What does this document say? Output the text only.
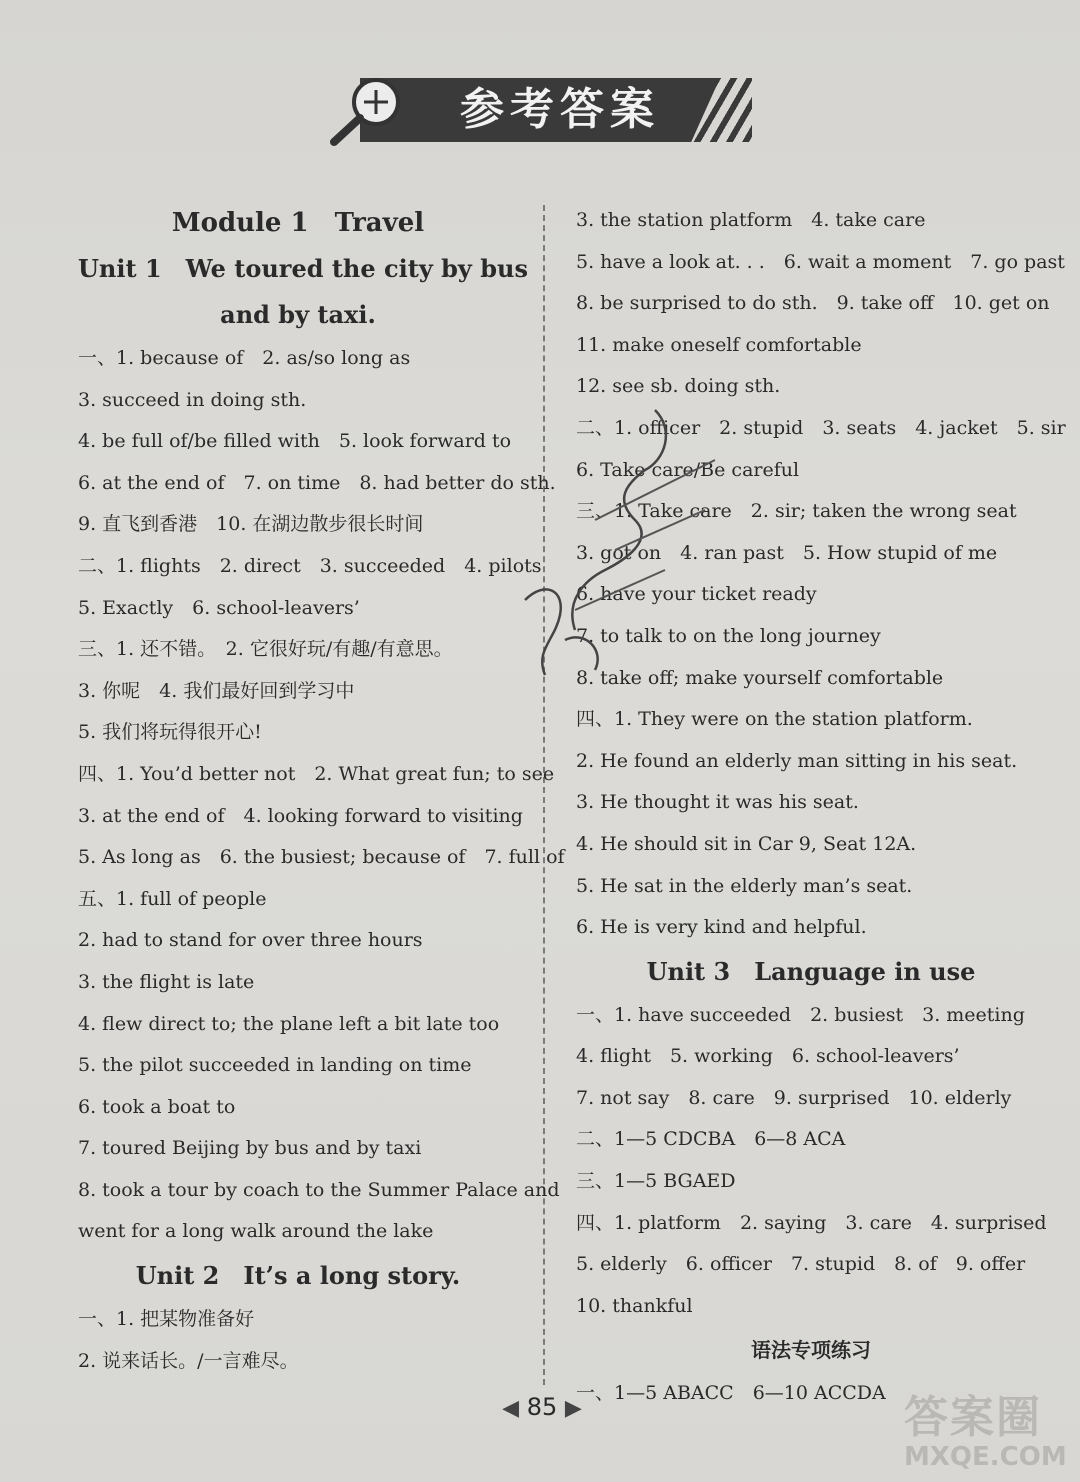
参考答案
Module 1　Travel
Unit 1　We toured the city by bus
and by taxi.
一、1. because of　2. as/so long as
3. succeed in doing sth.
4. be full of/be filled with　5. look forward to
6. at the end of　7. on time　8. had better do sth.
9. 直飞到香港　10. 在湖边散步很长时间
二、1. flights　2. direct　3. succeeded　4. pilots
5. Exactly　6. school-leavers’
三、1. 还不错。　2. 它很好玩/有趣/有意思。
3. 你呢　4. 我们最好回到学习中
5. 我们将玩得很开心!
四、1. You’d better not　2. What great fun; to see
3. at the end of　4. looking forward to visiting
5. As long as　6. the busiest; because of　7. full of
五、1. full of people
2. had to stand for over three hours
3. the flight is late
4. flew direct to; the plane left a bit late too
5. the pilot succeeded in landing on time
6. took a boat to
7. toured Beijing by bus and by taxi
8. took a tour by coach to the Summer Palace and
went for a long walk around the lake
Unit 2　It’s a long story.
一、1. 把某物准备好
2. 说来话长。/一言难尽。
3. the station platform　4. take care
5. have a look at. . .　6. wait a moment　7. go past
8. be surprised to do sth.　9. take off　10. get on
11. make oneself comfortable
12. see sb. doing sth.
二、1. officer　2. stupid　3. seats　4. jacket　5. sir
6. Take care/Be careful
三、1. Take care　2. sir; taken the wrong seat
3. got on　4. ran past　5. How stupid of me
6. have your ticket ready
7. to talk to on the long journey
8. take off; make yourself comfortable
四、1. They were on the station platform.
2. He found an elderly man sitting in his seat.
3. He thought it was his seat.
4. He should sit in Car 9, Seat 12A.
5. He sat in the elderly man’s seat.
6. He is very kind and helpful.
Unit 3　Language in use
一、1. have succeeded　2. busiest　3. meeting
4. flight　5. working　6. school-leavers’
7. not say　8. care　9. surprised　10. elderly
二、1—5 CDCBA　6—8 ACA
三、1—5 BGAED
四、1. platform　2. saying　3. care　4. surprised
5. elderly　6. officer　7. stupid　8. of　9. offer
10. thankful
语法专项练习
一、1—5 ABACC　6—10 ACCDA
◀ 85 ▶	答案圈
MXQE.COM
